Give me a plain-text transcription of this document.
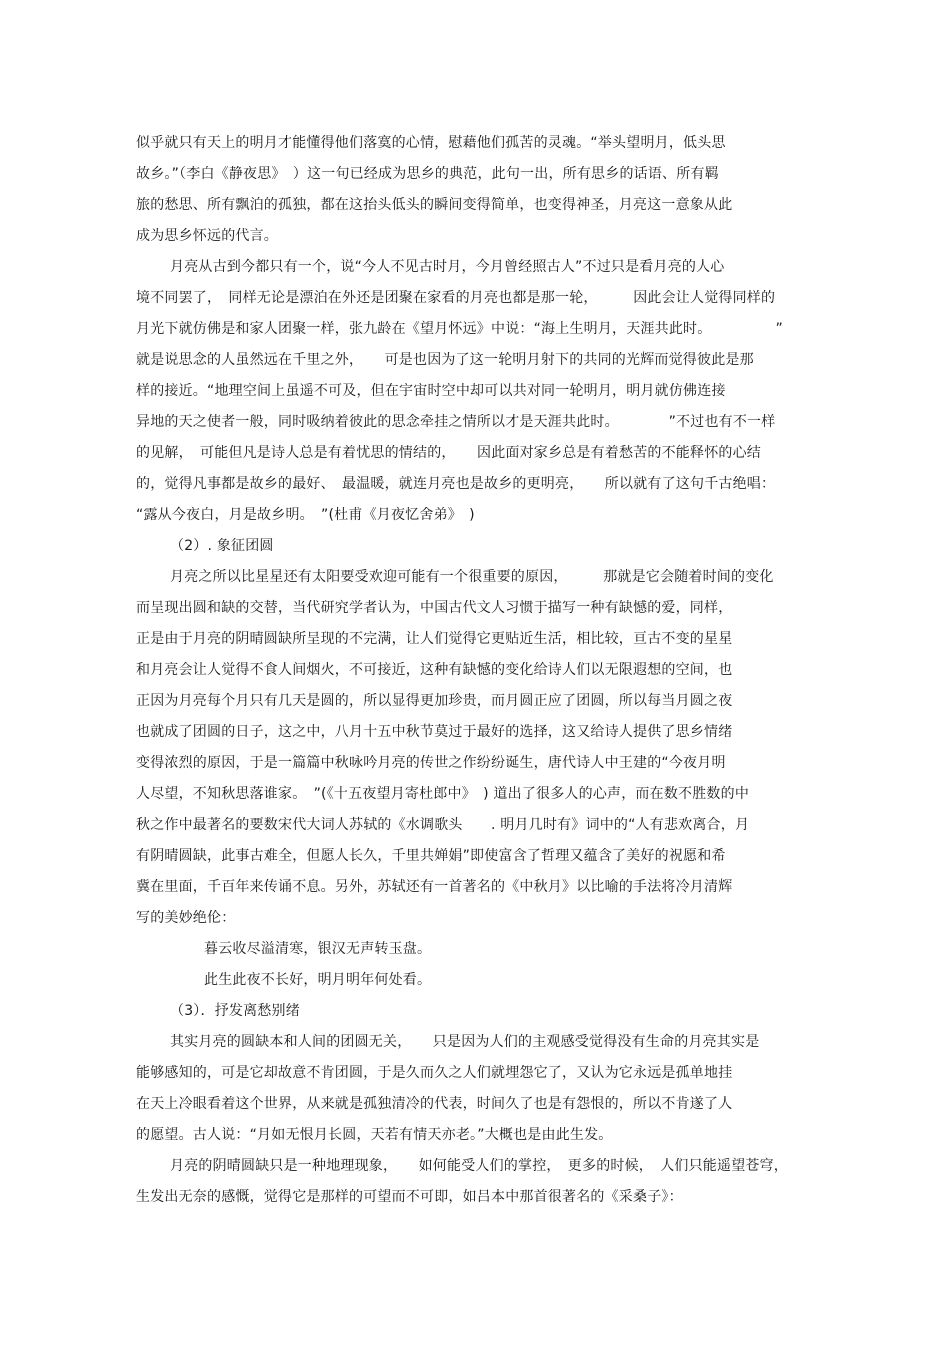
似乎就只有天上的明月才能懂得他们落寞的心情，慰藉他们孤苦的灵魂。“举头望明月，低头思
故乡。”（李白《静夜思》　）这一句已经成为思乡的典范，此句一出，所有思乡的话语、所有羁
旅的愁思、所有飘泊的孤独，都在这抬头低头的瞬间变得简单，也变得神圣，月亮这一意象从此
成为思乡怀远的代言。
月亮从古到今都只有一个，说“今人不见古时月，今月曾经照古人”不过只是看月亮的人心
境不同罢了，　同样无论是漂泊在外还是团聚在家看的月亮也都是那一轮，　　　因此会让人觉得同样的
月光下就仿佛是和家人团聚一样，张九龄在《望月怀远》中说：“海上生明月，天涯共此时。　　　　　”
就是说思念的人虽然远在千里之外，　　可是也因为了这一轮明月射下的共同的光辉而觉得彼此是那
样的接近。“地理空间上虽遥不可及，但在宇宙时空中却可以共对同一轮明月，明月就仿佛连接
异地的天之使者一般，同时吸纳着彼此的思念牵挂之情所以才是天涯共此时。　　　　”不过也有不一样
的见解，　可能但凡是诗人总是有着忧思的情结的，　　因此面对家乡总是有着愁苦的不能释怀的心结
的，觉得凡事都是故乡的最好、　最温暖，就连月亮也是故乡的更明亮，　　所以就有了这句千古绝唱：
“露从今夜白，月是故乡明。　”(杜甫《月夜忆舍弟》　)
（2）. 象征团圆
月亮之所以比星星还有太阳要受欢迎可能有一个很重要的原因，　　　那就是它会随着时间的变化
而呈现出圆和缺的交替，当代研究学者认为，中国古代文人习惯于描写一种有缺憾的爱，同样，
正是由于月亮的阴晴圆缺所呈现的不完满，让人们觉得它更贴近生活，相比较，亘古不变的星星
和月亮会让人觉得不食人间烟火，不可接近，这种有缺憾的变化给诗人们以无限遐想的空间，也
正因为月亮每个月只有几天是圆的，所以显得更加珍贵，而月圆正应了团圆，所以每当月圆之夜
也就成了团圆的日子，这之中，八月十五中秋节莫过于最好的选择，这又给诗人提供了思乡情绪
变得浓烈的原因，于是一篇篇中秋咏吟月亮的传世之作纷纷诞生，唐代诗人中王建的“今夜月明
人尽望，不知秋思落谁家。　”(《十五夜望月寄杜郎中》　) 道出了很多人的心声，而在数不胜数的中
秋之作中最著名的要数宋代大词人苏轼的《水调歌头　　. 明月几时有》词中的“人有悲欢离合，月
有阴晴圆缺，此事古难全，但愿人长久，千里共婵娟”即使富含了哲理又蕴含了美好的祝愿和希
冀在里面，千百年来传诵不息。另外，苏轼还有一首著名的《中秋月》以比喻的手法将冷月清辉
写的美妙绝伦：
暮云收尽溢清寒，银汉无声转玉盘。
此生此夜不长好，明月明年何处看。
（3）．抒发离愁别绪
其实月亮的圆缺本和人间的团圆无关，　　只是因为人们的主观感受觉得没有生命的月亮其实是
能够感知的，可是它却故意不肯团圆，于是久而久之人们就埋怨它了，又认为它永远是孤单地挂
在天上冷眼看着这个世界，从来就是孤独清冷的代表，时间久了也是有怨恨的，所以不肯遂了人
的愿望。古人说：“月如无恨月长圆，天若有情天亦老。”大概也是由此生发。
月亮的阴晴圆缺只是一种地理现象，　　如何能受人们的掌控，　更多的时候，　人们只能遥望苍穹，
生发出无奈的感慨，觉得它是那样的可望而不可即，如吕本中那首很著名的《采桑子》：
